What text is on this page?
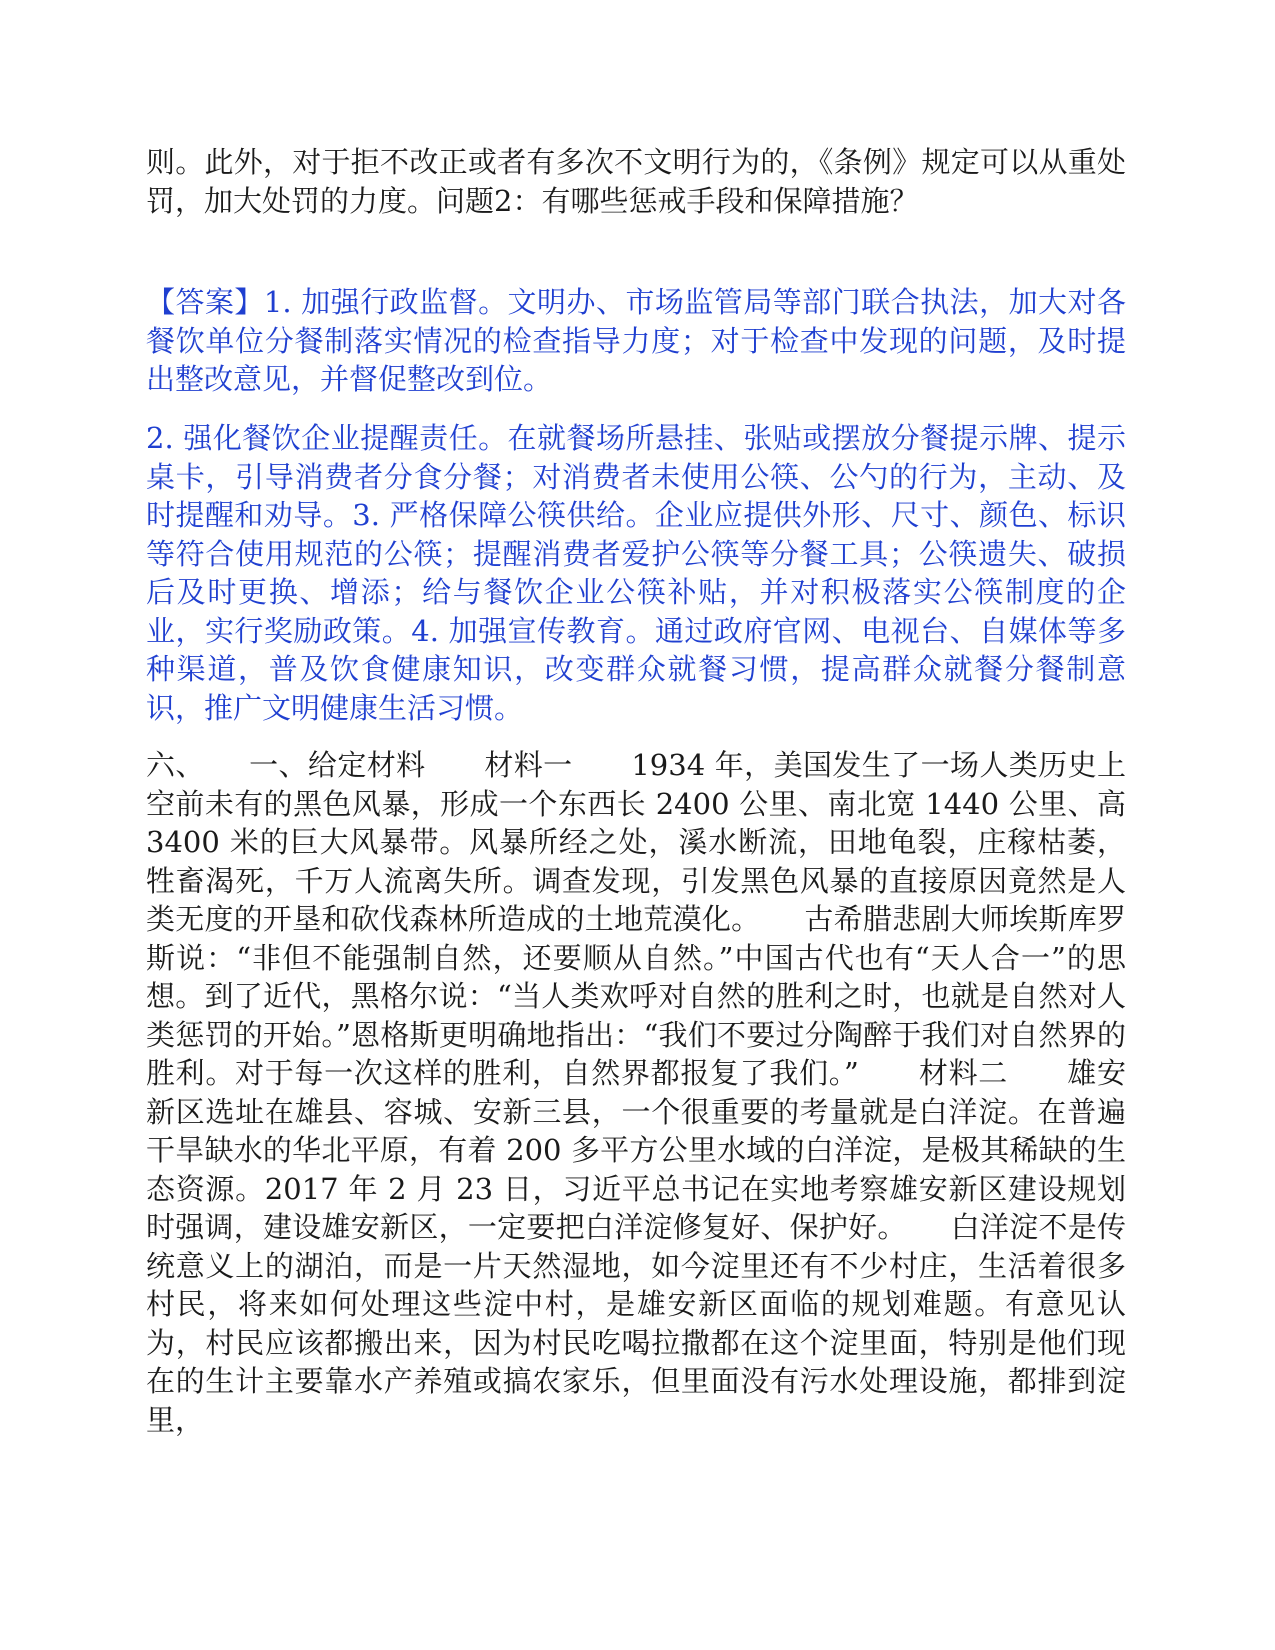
则。此外，对于拒不改正或者有多次不文明行为的，《条例》规定可以从重处罚，加大处罚的力度。问题2：有哪些惩戒手段和保障措施？

【答案】1. 加强行政监督。文明办、市场监管局等部门联合执法，加大对各餐饮单位分餐制落实情况的检查指导力度；对于检查中发现的问题，及时提出整改意见，并督促整改到位。

2. 强化餐饮企业提醒责任。在就餐场所悬挂、张贴或摆放分餐提示牌、提示桌卡，引导消费者分食分餐；对消费者未使用公筷、公勺的行为，主动、及时提醒和劝导。3. 严格保障公筷供给。企业应提供外形、尺寸、颜色、标识等符合使用规范的公筷；提醒消费者爱护公筷等分餐工具；公筷遗失、破损后及时更换、增添；给与餐饮企业公筷补贴，并对积极落实公筷制度的企业，实行奖励政策。4. 加强宣传教育。通过政府官网、电视台、自媒体等多种渠道，普及饮食健康知识，改变群众就餐习惯，提高群众就餐分餐制意识，推广文明健康生活习惯。

六、　　一、给定材料　　材料一　　1934 年，美国发生了一场人类历史上空前未有的黑色风暴，形成一个东西长 2400 公里、南北宽 1440 公里、高 3400 米的巨大风暴带。风暴所经之处，溪水断流，田地龟裂，庄稼枯萎，牲畜渴死，千万人流离失所。调查发现，引发黑色风暴的直接原因竟然是人类无度的开垦和砍伐森林所造成的土地荒漠化。　　古希腊悲剧大师埃斯库罗斯说：“非但不能强制自然，还要顺从自然。”中国古代也有“天人合一”的思想。到了近代，黑格尔说：“当人类欢呼对自然的胜利之时，也就是自然对人类惩罚的开始。”恩格斯更明确地指出：“我们不要过分陶醉于我们对自然界的胜利。对于每一次这样的胜利，自然界都报复了我们。”　　材料二　　雄安新区选址在雄县、容城、安新三县，一个很重要的考量就是白洋淀。在普遍干旱缺水的华北平原，有着 200 多平方公里水域的白洋淀，是极其稀缺的生态资源。2017 年 2 月 23 日，习近平总书记在实地考察雄安新区建设规划时强调，建设雄安新区，一定要把白洋淀修复好、保护好。　　白洋淀不是传统意义上的湖泊，而是一片天然湿地，如今淀里还有不少村庄，生活着很多村民，将来如何处理这些淀中村，是雄安新区面临的规划难题。有意见认为，村民应该都搬出来，因为村民吃喝拉撒都在这个淀里面，特别是他们现在的生计主要靠水产养殖或搞农家乐，但里面没有污水处理设施，都排到淀里，
